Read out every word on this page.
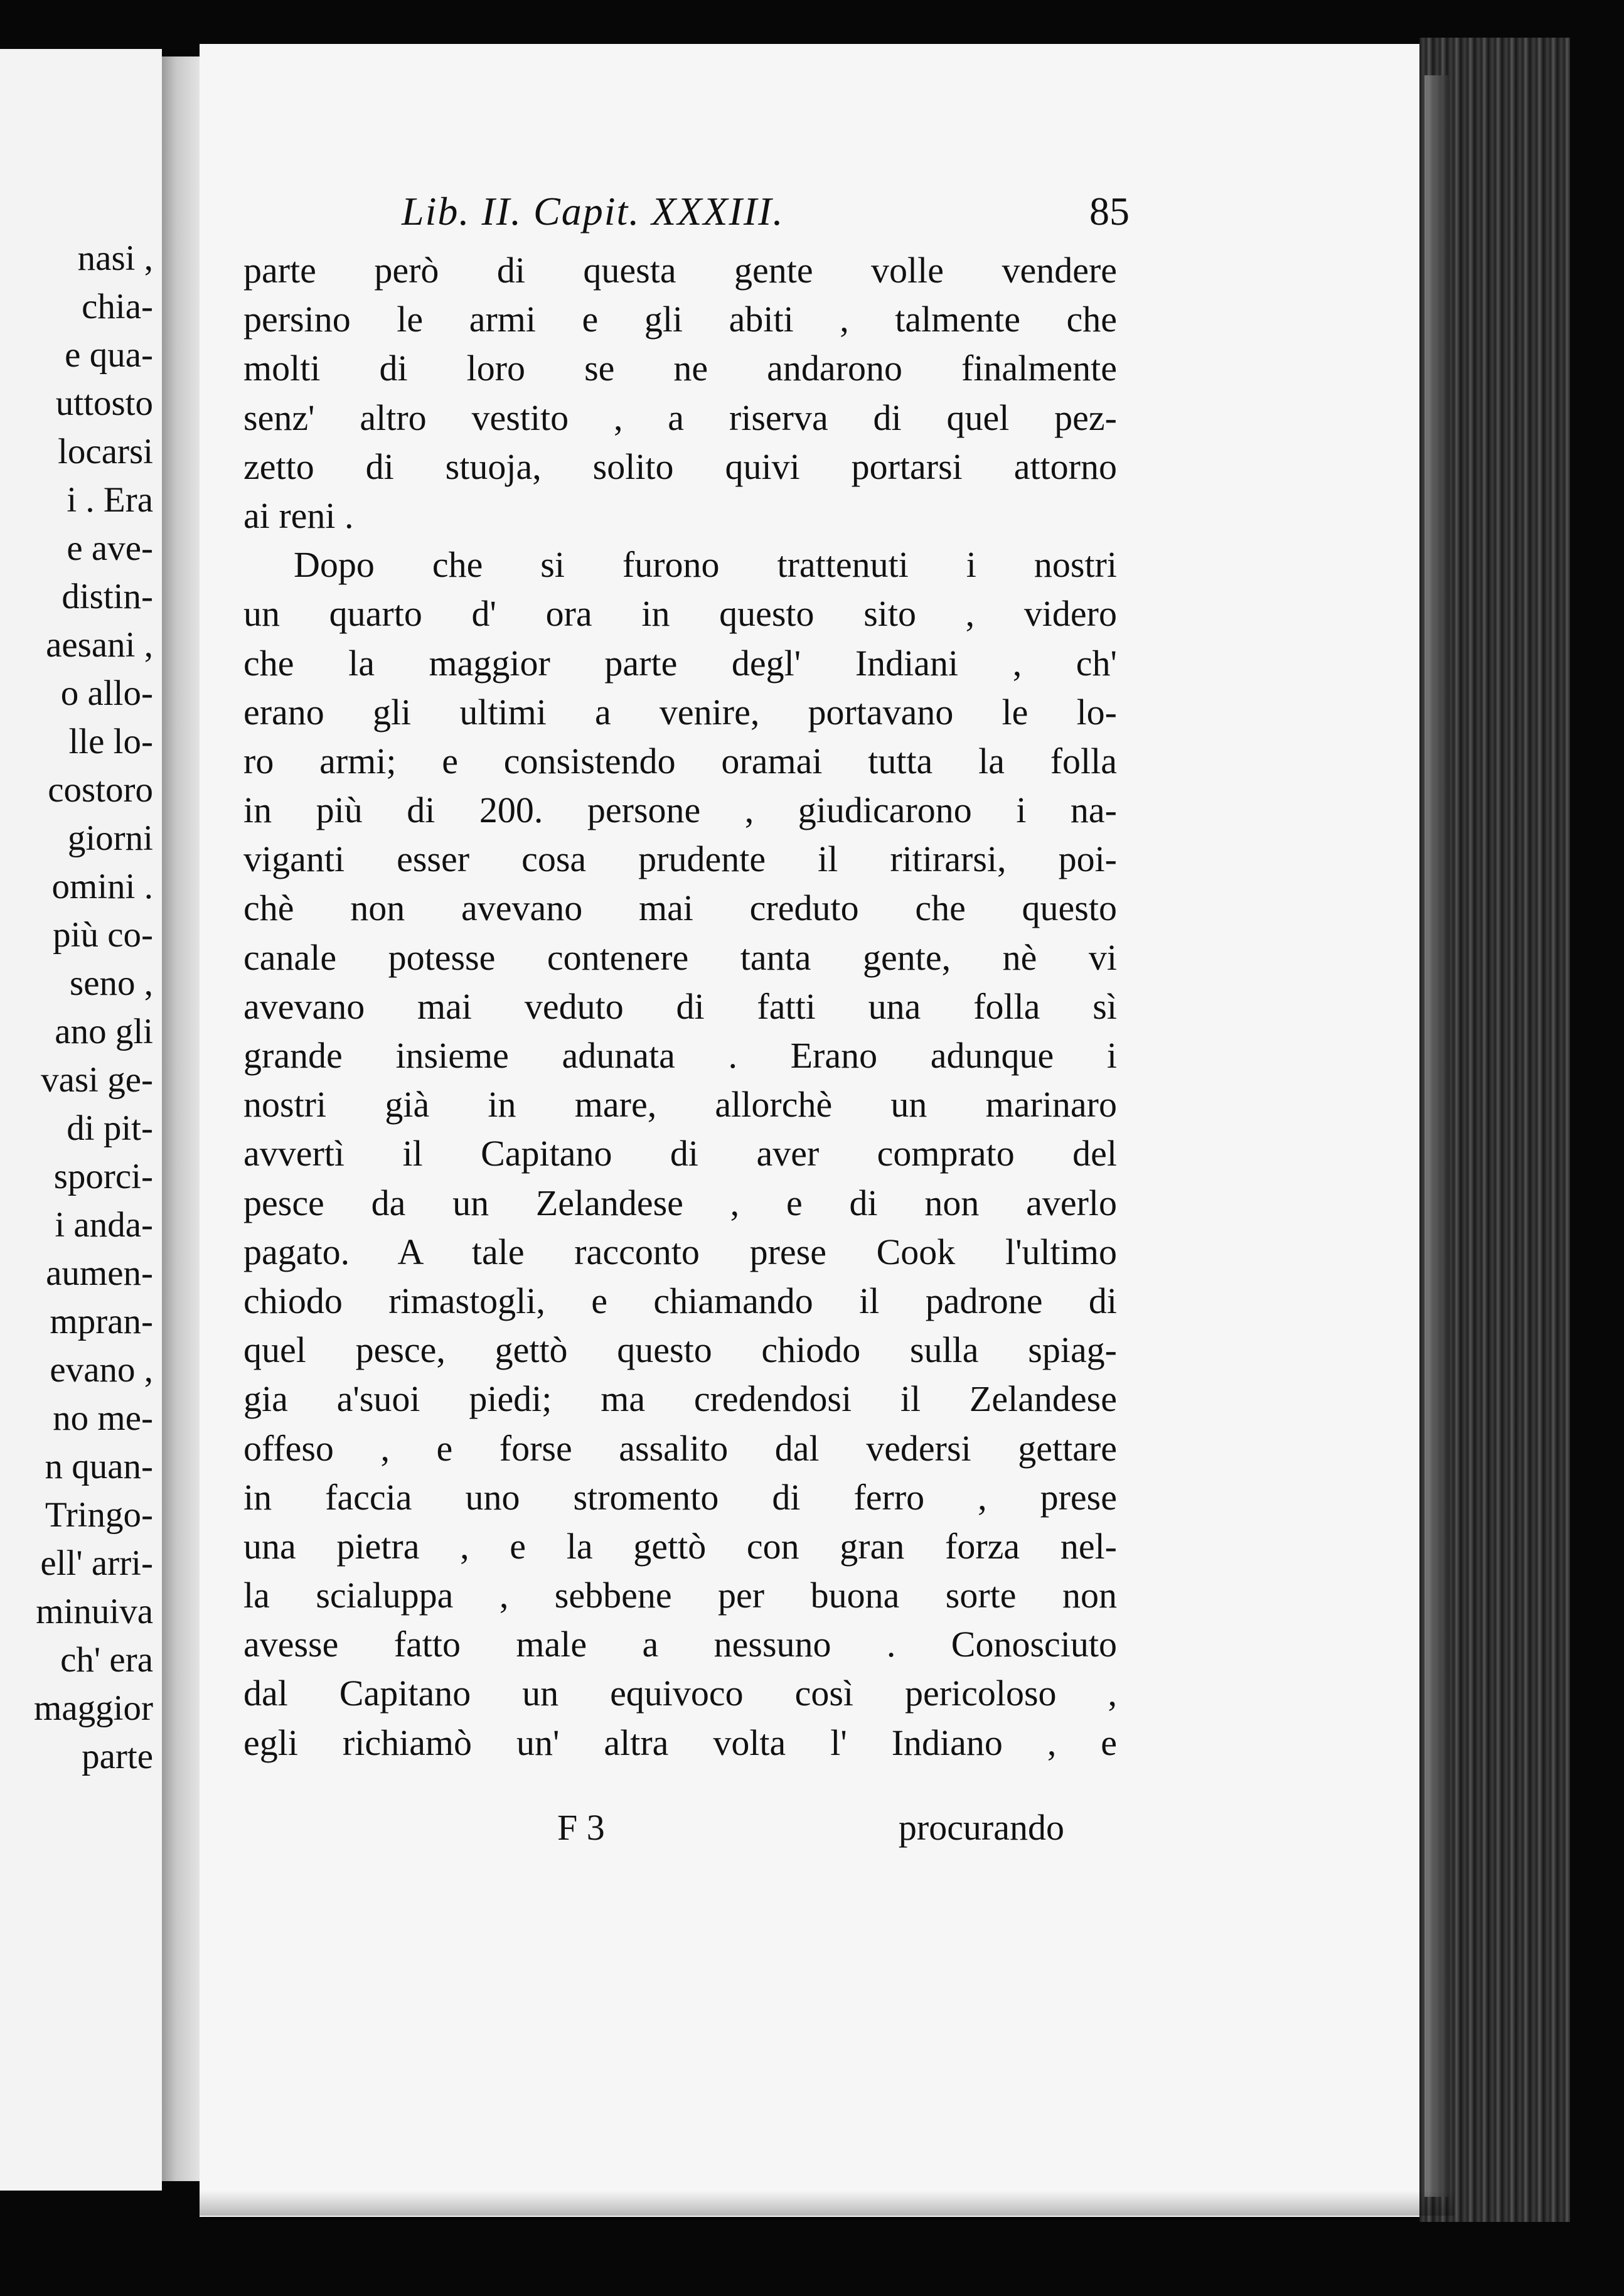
nasi ,
chia-
e qua-
uttosto
locarsi
i . Era
e ave-
distin-
aesani ,
o allo-
lle lo-
costoro
giorni
omini .
più co-
seno ,
ano gli
vasi ge-
di pit-
sporci-
i anda-
aumen-
mpran-
evano ,
no me-
n quan-
Tringo-
ell' arri-
minuiva
ch' era
maggior
parte
Lib. II. Capit. XXXIII.	85
parte però di questa gente volle vendere
persino le armi e gli abiti , talmente che
molti di loro se ne andarono finalmente
senz' altro vestito , a riserva di quel pez-
zetto di stuoja, solito quivi portarsi attorno
ai reni .
Dopo che si furono trattenuti i nostri
un quarto d' ora in questo sito , videro
che la maggior parte degl' Indiani , ch'
erano gli ultimi a venire, portavano le lo-
ro armi; e consistendo oramai tutta la folla
in più di 200. persone , giudicarono i na-
viganti esser cosa prudente il ritirarsi, poi-
chè non avevano mai creduto che questo
canale potesse contenere tanta gente, nè vi
avevano mai veduto di fatti una folla sì
grande insieme adunata . Erano adunque i
nostri già in mare, allorchè un marinaro
avvertì il Capitano di aver comprato del
pesce da un Zelandese , e di non averlo
pagato. A tale racconto prese Cook l'ultimo
chiodo rimastogli, e chiamando il padrone di
quel pesce, gettò questo chiodo sulla spiag-
gia a'suoi piedi; ma credendosi il Zelandese
offeso , e forse assalito dal vedersi gettare
in faccia uno stromento di ferro , prese
una pietra , e la gettò con gran forza nel-
la scialuppa , sebbene per buona sorte non
avesse fatto male a nessuno . Conosciuto
dal Capitano un equivoco così pericoloso ,
egli richiamò un' altra volta l' Indiano , e
F 3	procurando
